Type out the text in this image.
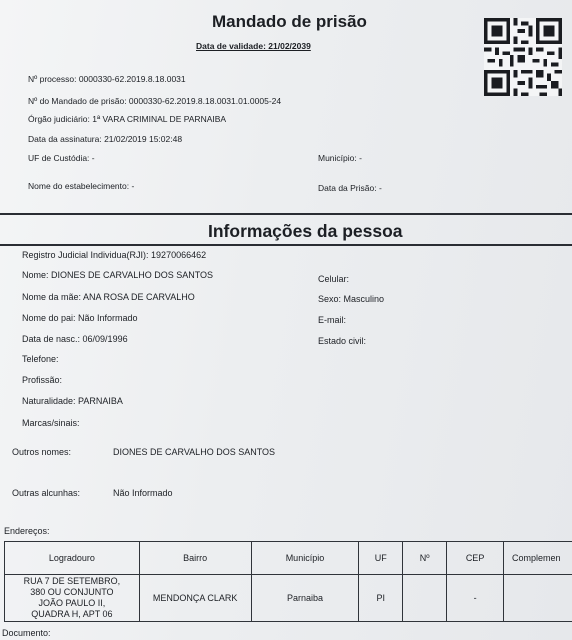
Mandado de prisão
Data de validade: 21/02/2039
Nº processo: 0000330-62.2019.8.18.0031
Nº do Mandado de prisão: 0000330-62.2019.8.18.0031.01.0005-24
Órgão judiciário: 1ª VARA CRIMINAL DE PARNAIBA
Data da assinatura: 21/02/2019 15:02:48
UF de Custódia: -	Município: -
Nome do estabelecimento: -	Data da Prisão: -
Informações da pessoa
Registro Judicial Individua(RJI): 19270066462
Nome: DIONES DE CARVALHO DOS SANTOS
Nome da mãe: ANA ROSA DE CARVALHO
Nome do pai: Não Informado
Data de nasc.: 06/09/1996
Telefone:
Profissão:
Naturalidade: PARNAIBA
Marcas/sinais:
Celular:
Sexo: Masculino
E-mail:
Estado civil:
Outros nomes:	DIONES DE CARVALHO DOS SANTOS
Outras alcunhas:	Não Informado
Endereços:
Logradouro	Bairro	Município	UF	Nº	CEP	Complemen

RUA 7 DE SETEMBRO,
380 OU CONJUNTO
JOÃO PAULO II,
QUADRA H, APT 06	MENDONÇA CLARK	Parnaiba	PI		-	
Documento:
